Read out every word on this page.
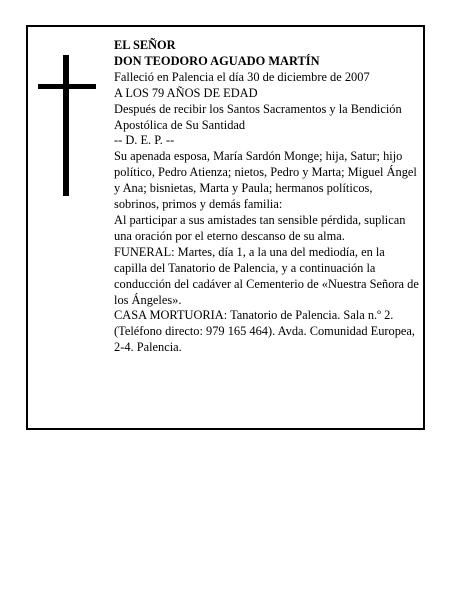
EL SEÑOR

DON TEODORO AGUADO MARTÍN

Falleció en Palencia el día 30 de diciembre de 2007

A LOS 79 AÑOS DE EDAD

Después de recibir los Santos Sacramentos y la Bendición Apostólica de Su Santidad

-- D. E. P. --

Su apenada esposa, María Sardón Monge; hija, Satur; hijo político, Pedro Atienza; nietos, Pedro y Marta; Miguel Ángel y Ana; bisnietas, Marta y Paula; hermanos políticos, sobrinos, primos y demás familia:

Al participar a sus amistades tan sensible pérdida, suplican una oración por el eterno descanso de su alma.

FUNERAL: Martes, día 1, a la una del mediodía, en la capilla del Tanatorio de Palencia, y a continuación la conducción del cadáver al Cementerio de «Nuestra Señora de los Ángeles».

CASA MORTUORIA: Tanatorio de Palencia. Sala n.º 2. (Teléfono directo: 979 165 464). Avda. Comunidad Europea, 2-4. Palencia.
